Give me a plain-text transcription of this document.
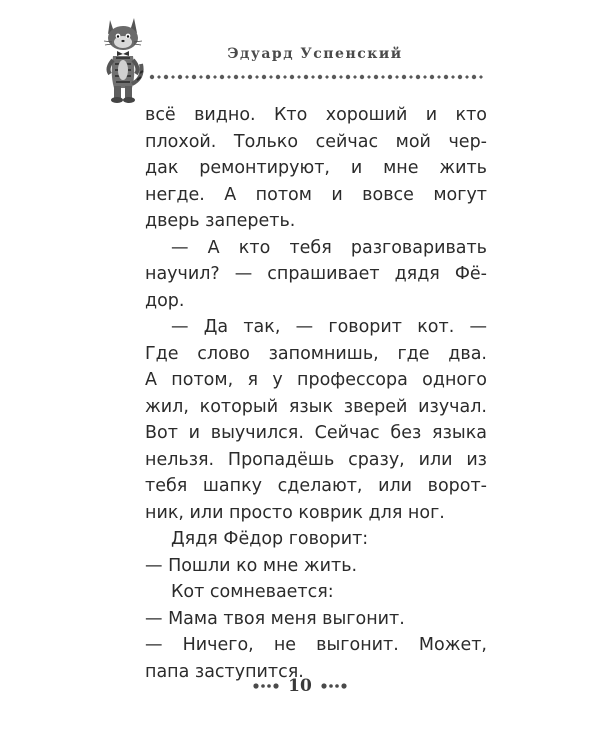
Эдуард Успенский
всё видно. Кто хороший и кто
плохой. Только сейчас мой чер-
дак ремонтируют, и мне жить
негде. А потом и вовсе могут
дверь запереть.
— А кто тебя разговаривать
научил? — спрашивает дядя Фё-
дор.
— Да так, — говорит кот. —
Где слово запомнишь, где два.
А потом, я у профессора одного
жил, который язык зверей изучал.
Вот и выучился. Сейчас без языка
нельзя. Пропадёшь сразу, или из
тебя шапку сделают, или ворот-
ник, или просто коврик для ног.
Дядя Фёдор говорит:
— Пошли ко мне жить.
Кот сомневается:
— Мама твоя меня выгонит.
— Ничего, не выгонит. Может,
папа заступится.
10
